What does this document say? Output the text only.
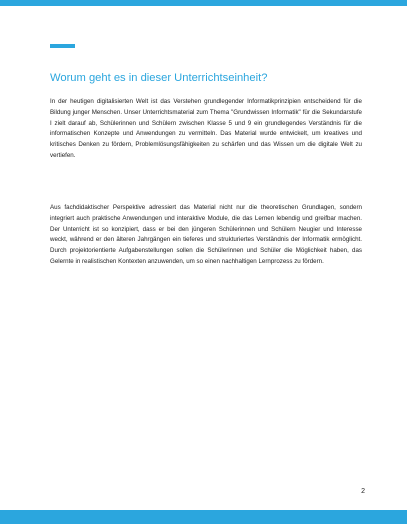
Worum geht es in dieser Unterrichtseinheit?

In der heutigen digitalisierten Welt ist das Verstehen grundlegender Informatikprinzipien entscheidend für die Bildung junger Menschen. Unser Unterrichtsmaterial zum Thema "Grundwissen Informatik" für die Sekundarstufe I zielt darauf ab, Schülerinnen und Schülern zwischen Klasse 5 und 9 ein grundlegendes Verständnis für die informatischen Konzepte und Anwendungen zu vermitteln. Das Material wurde entwickelt, um kreatives und kritisches Denken zu fördern, Problemlösungsfähigkeiten zu schärfen und das Wissen um die digitale Welt zu vertiefen.

Aus fachdidaktischer Perspektive adressiert das Material nicht nur die theoretischen Grundlagen, sondern integriert auch praktische Anwendungen und interaktive Module, die das Lernen lebendig und greifbar machen. Der Unterricht ist so konzipiert, dass er bei den jüngeren Schülerinnen und Schülern Neugier und Interesse weckt, während er den älteren Jahrgängen ein tieferes und strukturiertes Verständnis der Informatik ermöglicht. Durch projektorientierte Aufgabenstellungen sollen die Schülerinnen und Schüler die Möglichkeit haben, das Gelernte in realistischen Kontexten anzuwenden, um so einen nachhaltigen Lernprozess zu fördern.

2
